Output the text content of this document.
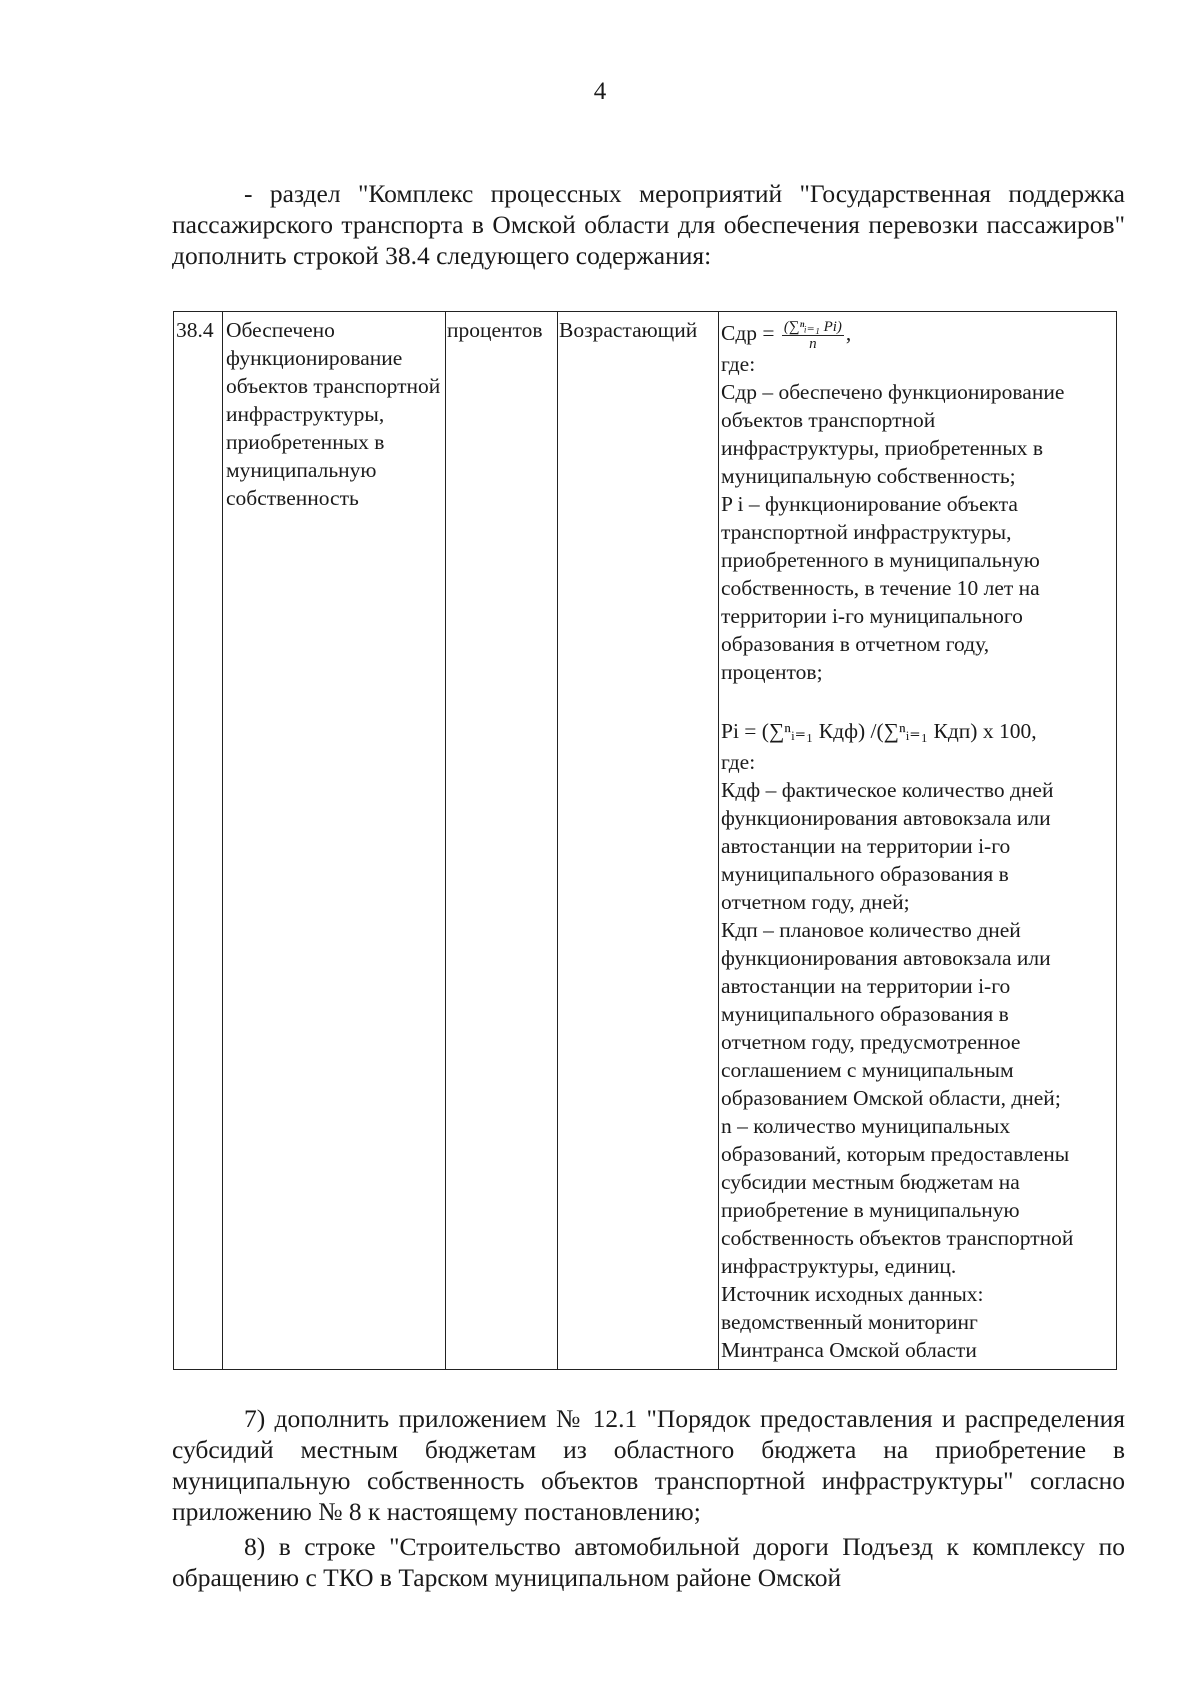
4
- раздел "Комплекс процессных мероприятий "Государственная поддержка пассажирского транспорта в Омской области для обеспечения перевозки пассажиров" дополнить строкой 38.4 следующего содержания:
38.4 Обеспечено функционирование объектов транспортной инфраструктуры, приобретенных в муниципальную собственность
процентов Возрастающий	Сдр = $\frac{\text{(∑ⁿᵢ₌₁ Pi)}}{n}$ ,
где:
Сдр – обеспечено функционирование
объектов транспортной
инфраструктуры, приобретенных в
муниципальную собственность;
P i – функционирование объекта
транспортной инфраструктуры,
приобретенного в муниципальную
собственность, в течение 10 лет на
территории i-го муниципального
образования в отчетном году,
процентов;
Pi = (∑ⁿᵢ₌₁ Кдф) /(∑ⁿᵢ₌₁ Кдп) х 100,
где:
Кдф – фактическое количество дней
функционирования автовокзала или
автостанции на территории i-го
муниципального образования в
отчетном году, дней;
Кдп – плановое количество дней
функционирования автовокзала или
автостанции на территории i-го
муниципального образования в
отчетном году, предусмотренное
соглашением с муниципальным
образованием Омской области, дней;
n – количество муниципальных
образований, которым предоставлены
субсидии местным бюджетам на
приобретение в муниципальную
собственность объектов транспортной
инфраструктуры, единиц.
Источник исходных данных:
ведомственный мониторинг
Минтранса Омской области
7) дополнить приложением № 12.1 "Порядок предоставления и распределения субсидий местным бюджетам из областного бюджета на приобретение в муниципальную собственность объектов транспортной инфраструктуры" согласно приложению № 8 к настоящему постановлению;
8) в строке "Строительство автомобильной дороги Подъезд к комплексу по обращению с ТКО в Тарском муниципальном районе Омской
